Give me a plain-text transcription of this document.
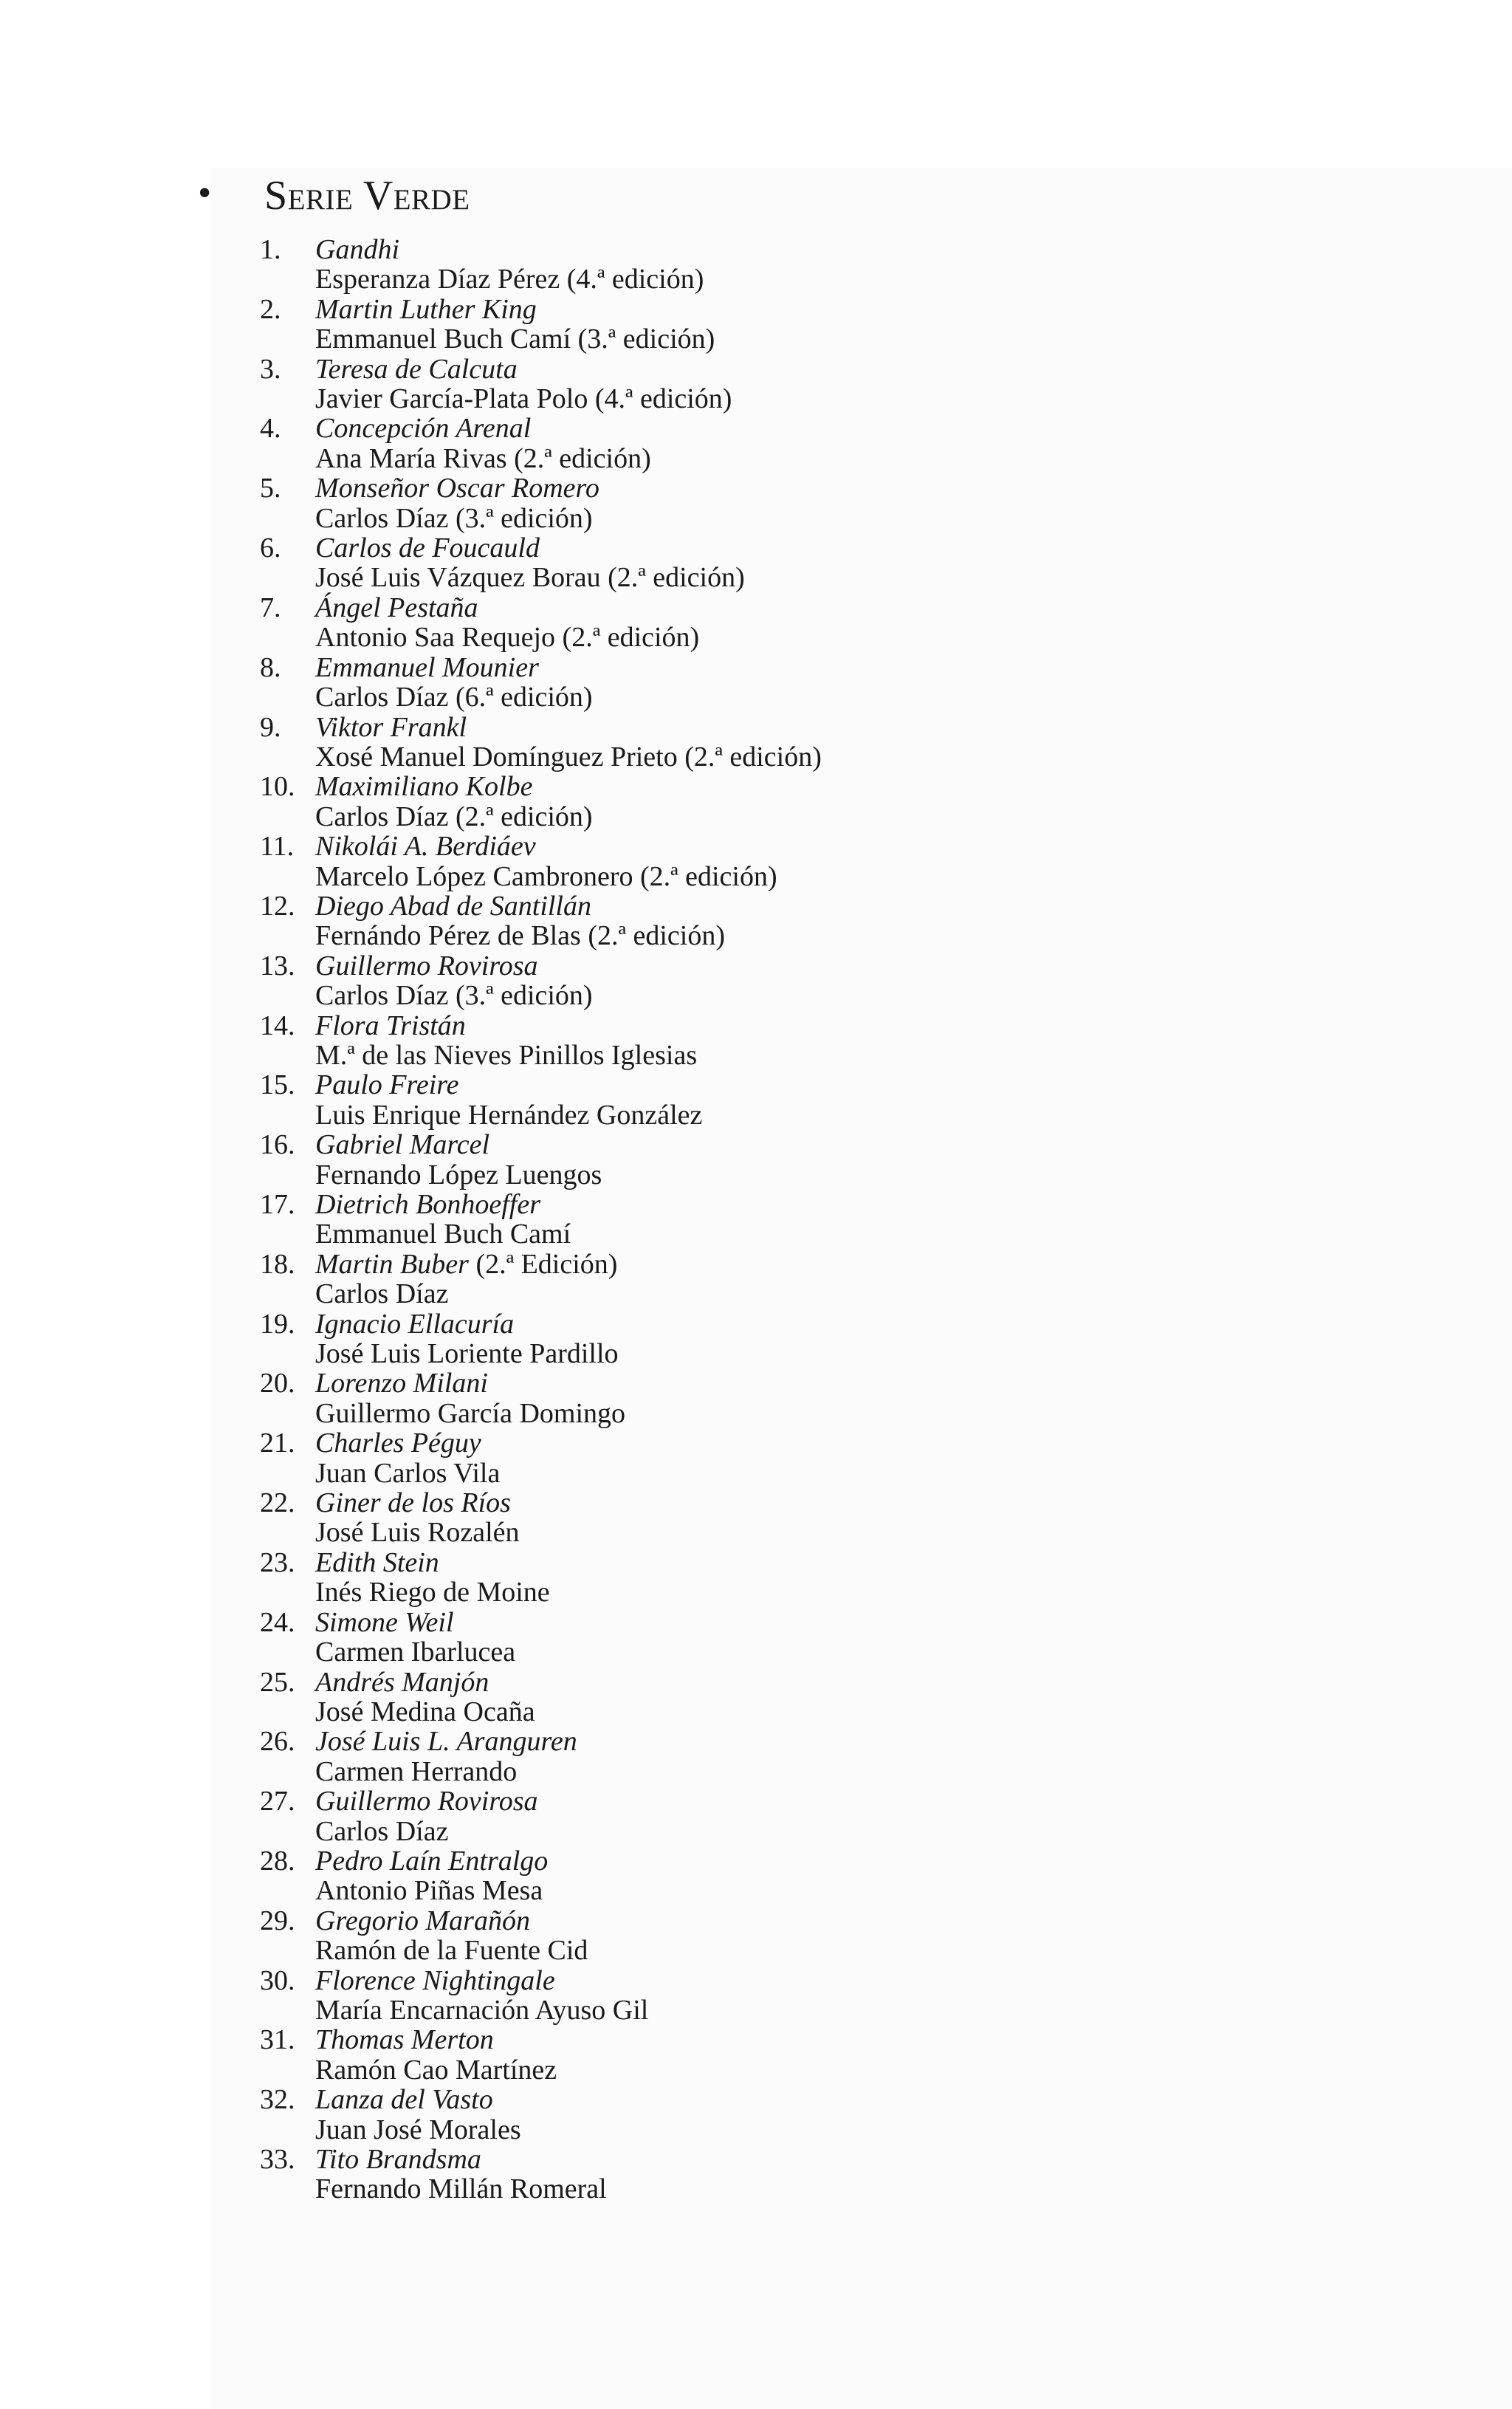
•	Serie Verde
1.	Gandhi
Esperanza Díaz Pérez (4.ª edición)
2.	Martin Luther King
Emmanuel Buch Camí (3.ª edición)
3.	Teresa de Calcuta
Javier García-Plata Polo (4.ª edición)
4.	Concepción Arenal
Ana María Rivas (2.ª edición)
5.	Monseñor Oscar Romero
Carlos Díaz (3.ª edición)
6.	Carlos de Foucauld
José Luis Vázquez Borau (2.ª edición)
7.	Ángel Pestaña
Antonio Saa Requejo (2.ª edición)
8.	Emmanuel Mounier
Carlos Díaz (6.ª edición)
9.	Viktor Frankl
Xosé Manuel Domínguez Prieto (2.ª edición)
10. Maximiliano Kolbe
Carlos Díaz (2.ª edición)
11. Nikolái A. Berdiáev
Marcelo López Cambronero (2.ª edición)
12. Diego Abad de Santillán
Fernándo Pérez de Blas (2.ª edición)
13. Guillermo Rovirosa
Carlos Díaz (3.ª edición)
14. Flora Tristán
M.ª de las Nieves Pinillos Iglesias
15. Paulo Freire
Luis Enrique Hernández González
16. Gabriel Marcel
Fernando López Luengos
17. Dietrich Bonhoeffer
Emmanuel Buch Camí
18. Martin Buber (2.ª Edición)
Carlos Díaz
19. Ignacio Ellacuría
José Luis Loriente Pardillo
20. Lorenzo Milani
Guillermo García Domingo
21. Charles Péguy
Juan Carlos Vila
22. Giner de los Ríos
José Luis Rozalén
23. Edith Stein
Inés Riego de Moine
24. Simone Weil
Carmen Ibarlucea
25. Andrés Manjón
José Medina Ocaña
26. José Luis L. Aranguren
Carmen Herrando
27. Guillermo Rovirosa
Carlos Díaz
28. Pedro Laín Entralgo
Antonio Piñas Mesa
29. Gregorio Marañón
Ramón de la Fuente Cid
30. Florence Nightingale
María Encarnación Ayuso Gil
31. Thomas Merton
Ramón Cao Martínez
32. Lanza del Vasto
Juan José Morales
33. Tito Brandsma
Fernando Millán Romeral
